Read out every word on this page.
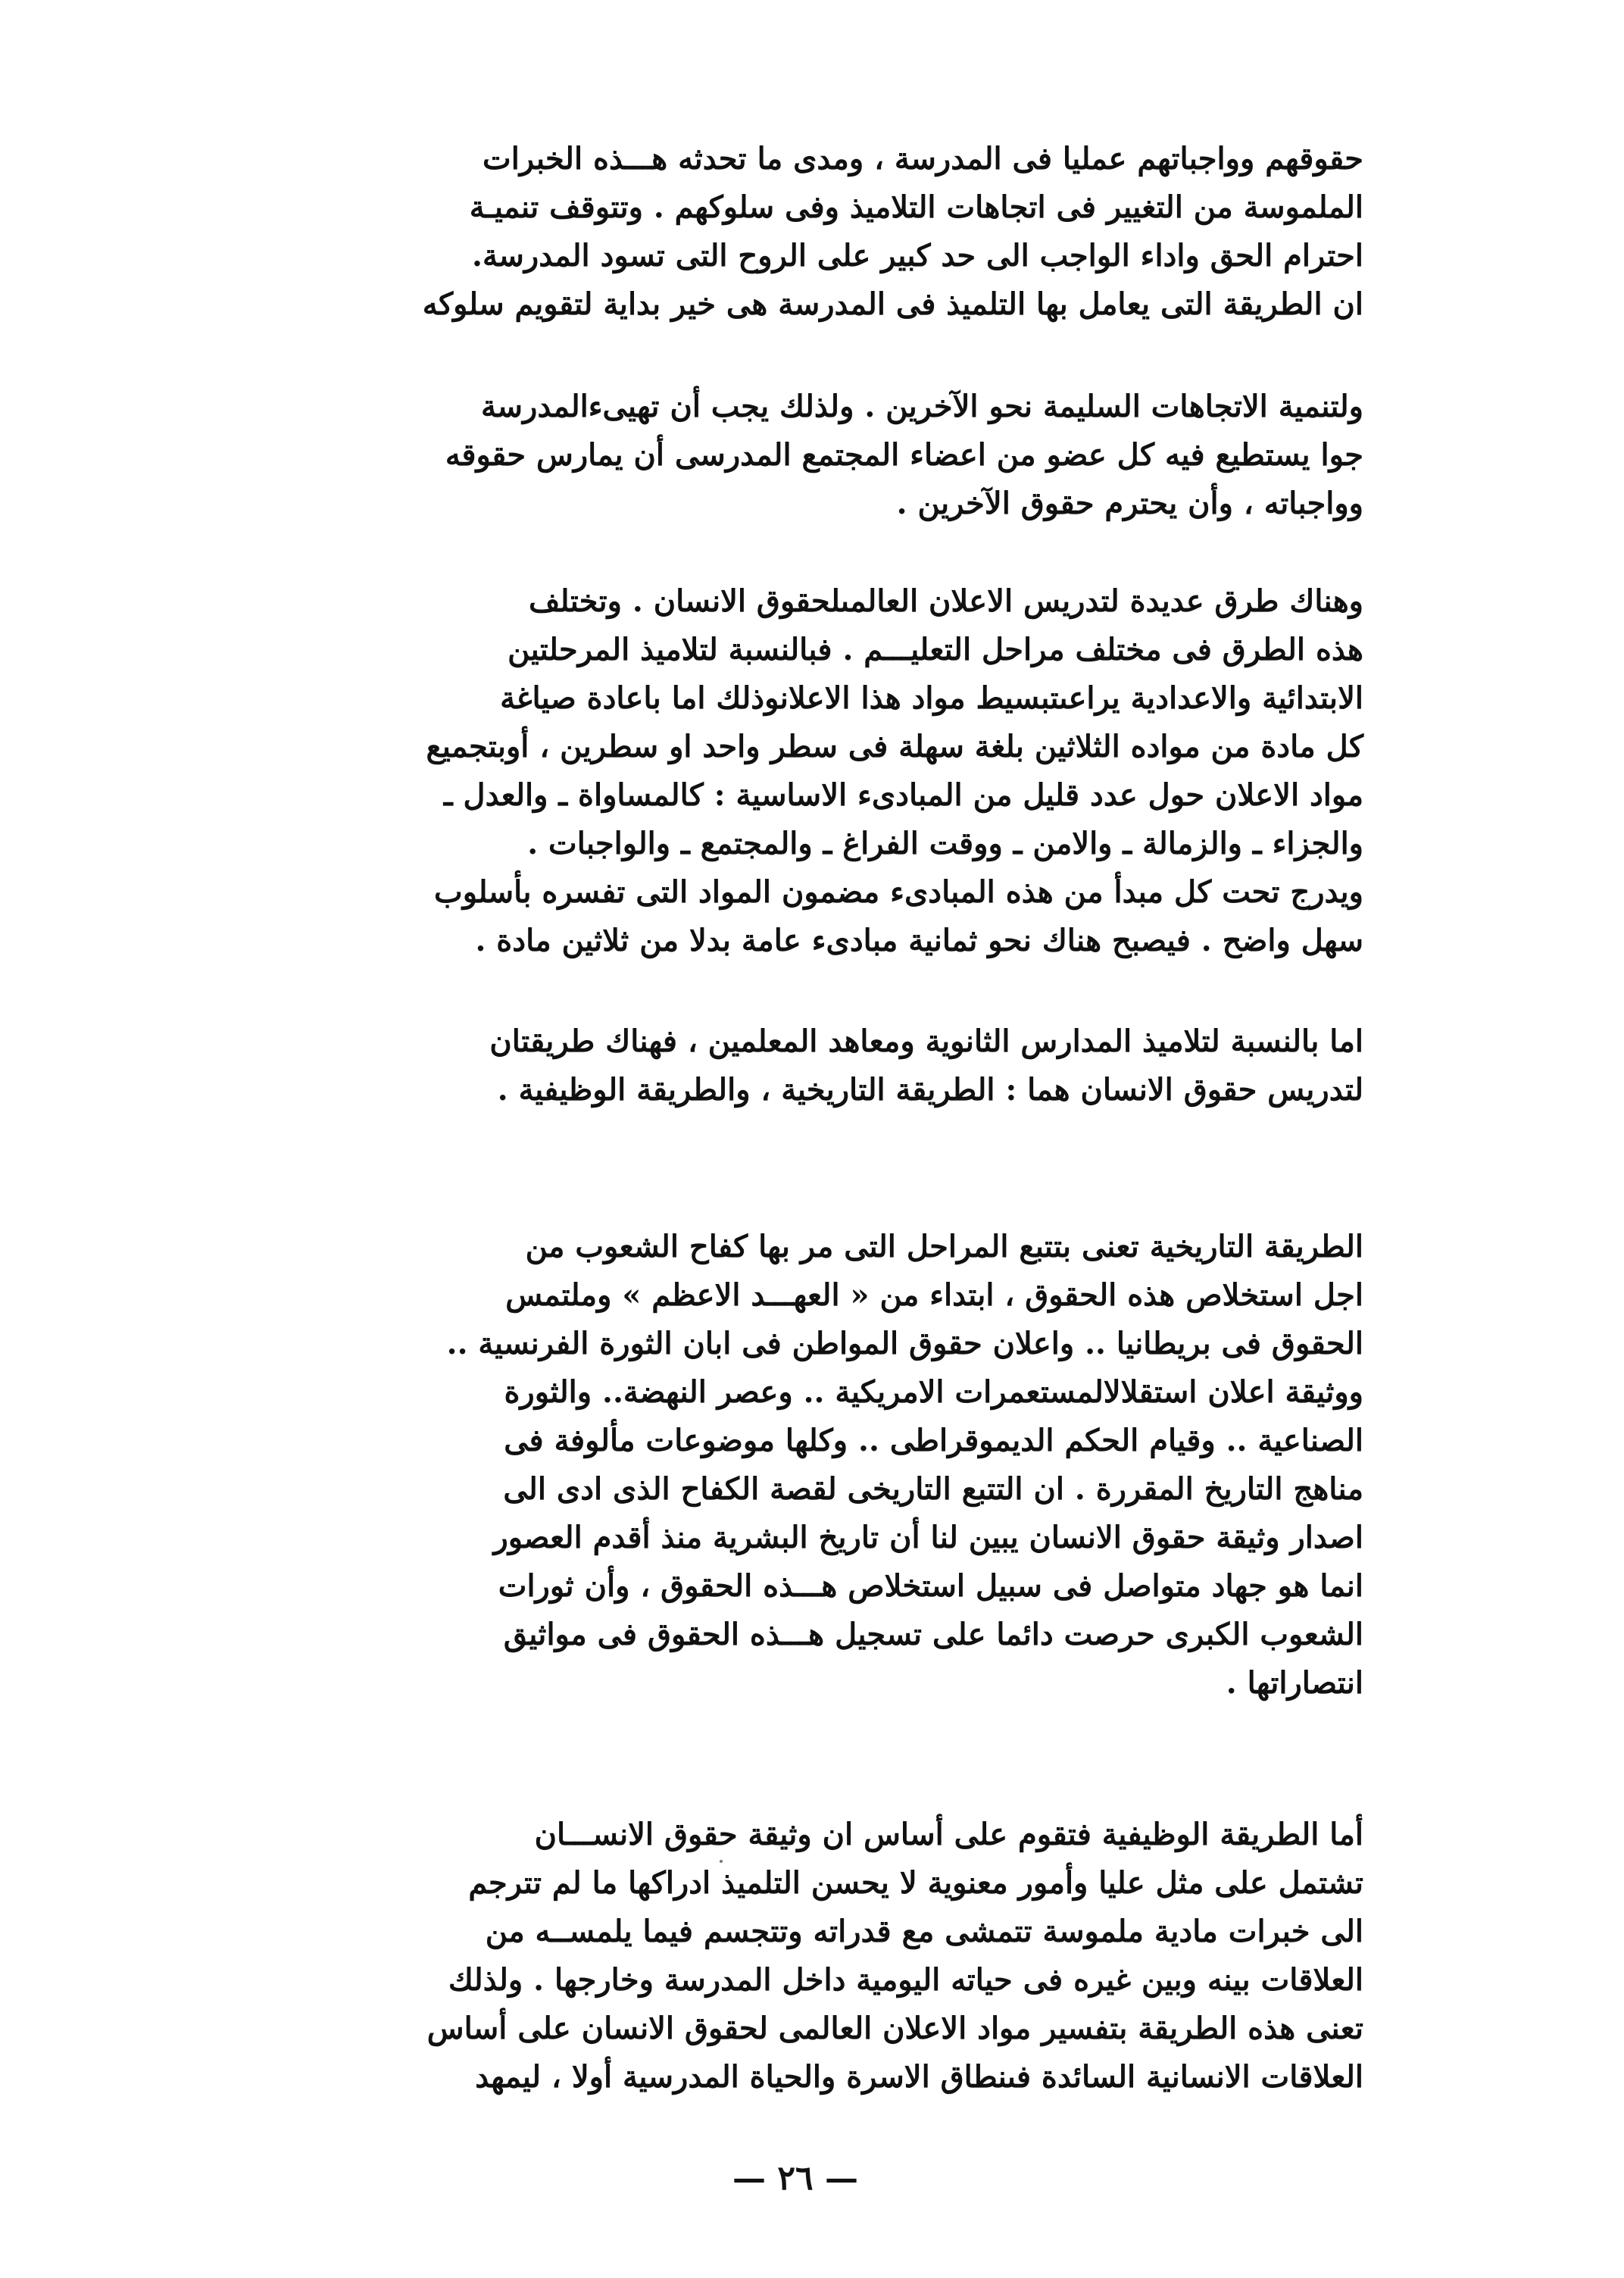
حقوقهم وواجباتهم عمليا فى المدرسة ، ومدى ما تحدثه هـــذه الخبرات
الملموسة من التغيير فى اتجاهات التلاميذ وفى سلوكهم . وتتوقف تنميـة
احترام الحق واداء الواجب الى حد كبير على الروح التى تسود المدرسة.
ان الطريقة التى يعامل بها التلميذ فى المدرسة هى خير بداية لتقويم سلوكه

ولتنمية الاتجاهات السليمة نحو الآخرين . ولذلك يجب أن تهيىءالمدرسة
جوا يستطيع فيه كل عضو من اعضاء المجتمع المدرسى أن يمارس حقوقه
وواجباته ، وأن يحترم حقوق الآخرين .

وهناك طرق عديدة لتدريس الاعلان العالمىلحقوق الانسان . وتختلف
هذه الطرق فى مختلف مراحل التعليـــم . فبالنسبة لتلاميذ المرحلتين
الابتدائية والاعدادية يراعىتبسيط مواد هذا الاعلانوذلك اما باعادة صياغة
كل مادة من مواده الثلاثين بلغة سهلة فى سطر واحد او سطرين ، أوبتجميع
مواد الاعلان حول عدد قليل من المبادىء الاساسية : كالمساواة ـ والعدل ـ
والجزاء ـ والزمالة ـ والامن ـ ووقت الفراغ ـ والمجتمع ـ والواجبات .
ويدرج تحت كل مبدأ من هذه المبادىء مضمون المواد التى تفسره بأسلوب
سهل واضح . فيصبح هناك نحو ثمانية مبادىء عامة بدلا من ثلاثين مادة .

اما بالنسبة لتلاميذ المدارس الثانوية ومعاهد المعلمين ، فهناك طريقتان
لتدريس حقوق الانسان هما : الطريقة التاريخية ، والطريقة الوظيفية .

الطريقة التاريخية تعنى بتتبع المراحل التى مر بها كفاح الشعوب من
اجل استخلاص هذه الحقوق ، ابتداء من « العهـــد الاعظم » وملتمس
الحقوق فى بريطانيا .. واعلان حقوق المواطن فى ابان الثورة الفرنسية ..
ووثيقة اعلان استقلالالمستعمرات الامريكية .. وعصر النهضة.. والثورة
الصناعية .. وقيام الحكم الديموقراطى .. وكلها موضوعات مألوفة فى
مناهج التاريخ المقررة . ان التتبع التاريخى لقصة الكفاح الذى ادى الى
اصدار وثيقة حقوق الانسان يبين لنا أن تاريخ البشرية منذ أقدم العصور
انما هو جهاد متواصل فى سبيل استخلاص هـــذه الحقوق ، وأن ثورات
الشعوب الكبرى حرصت دائما على تسجيل هـــذه الحقوق فى مواثيق
انتصاراتها .

أما الطريقة الوظيفية فتقوم على أساس ان وثيقة حقوق الانســـان
تشتمل على مثل عليا وأمور معنوية لا يحسن التلميذ ادراكها ما لم تترجم
الى خبرات مادية ملموسة تتمشى مع قدراته وتتجسم فيما يلمســه من
العلاقات بينه وبين غيره فى حياته اليومية داخل المدرسة وخارجها . ولذلك
تعنى هذه الطريقة بتفسير مواد الاعلان العالمى لحقوق الانسان على أساس
العلاقات الانسانية السائدة فىنطاق الاسرة والحياة المدرسية أولا ، ليمهد

— ٢٦ —
